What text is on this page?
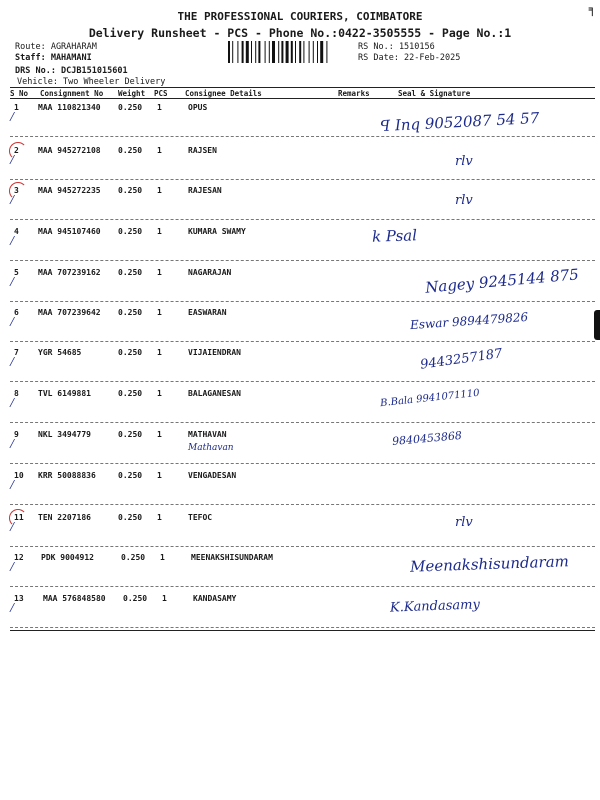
╕
THE PROFESSIONAL COURIERS, COIMBATORE
Delivery Runsheet - PCS - Phone No.:0422-3505555 - Page No.:1
Route: AGRAHARAM
Staff: MAHAMANI
DRS No.: DCJB151015601
Vehicle: Two Wheeler Delivery
RS No.: 1510156
RS Date: 22-Feb-2025
S No Consignment No Weight PCS Consignee Details	Remarks	Seal & Signature
1 MAA 110821340 0.250 1	OPUS
⁄	ꟼ Inq 9052087 54 57
2 MAA 945272108 0.250 1	RAJSEN
⁄	rlv
3 MAA 945272235 0.250 1	RAJESAN
⁄	rlv
4 MAA 945107460 0.250 1	KUMARA SWAMY
⁄	k Psal
5 MAA 707239162 0.250 1	NAGARAJAN
⁄	Nagey 9245144 875
6 MAA 707239642 0.250 1	EASWARAN
⁄	Eswar 9894479826
7 YGR 54685	0.250 1	VIJAIENDRAN
⁄	9443257187
8 TVL 6149881	0.250 1	BALAGANESAN
⁄	B.Bala 9941071110
9 NKL 3494779	0.250 1	MATHAVAN
⁄	9840453868
Mathavan
10 KRR 50088836	0.250 1	VENGADESAN
⁄
11 TEN 2207186	0.250 1	TEFOC
⁄	rlv
12 PDK 9004912	0.250 1	MEENAKSHISUNDARAM
⁄	Meenakshisundaram
13 MAA 576848580 0.250 1	KANDASAMY
⁄	K.Kandasamy
